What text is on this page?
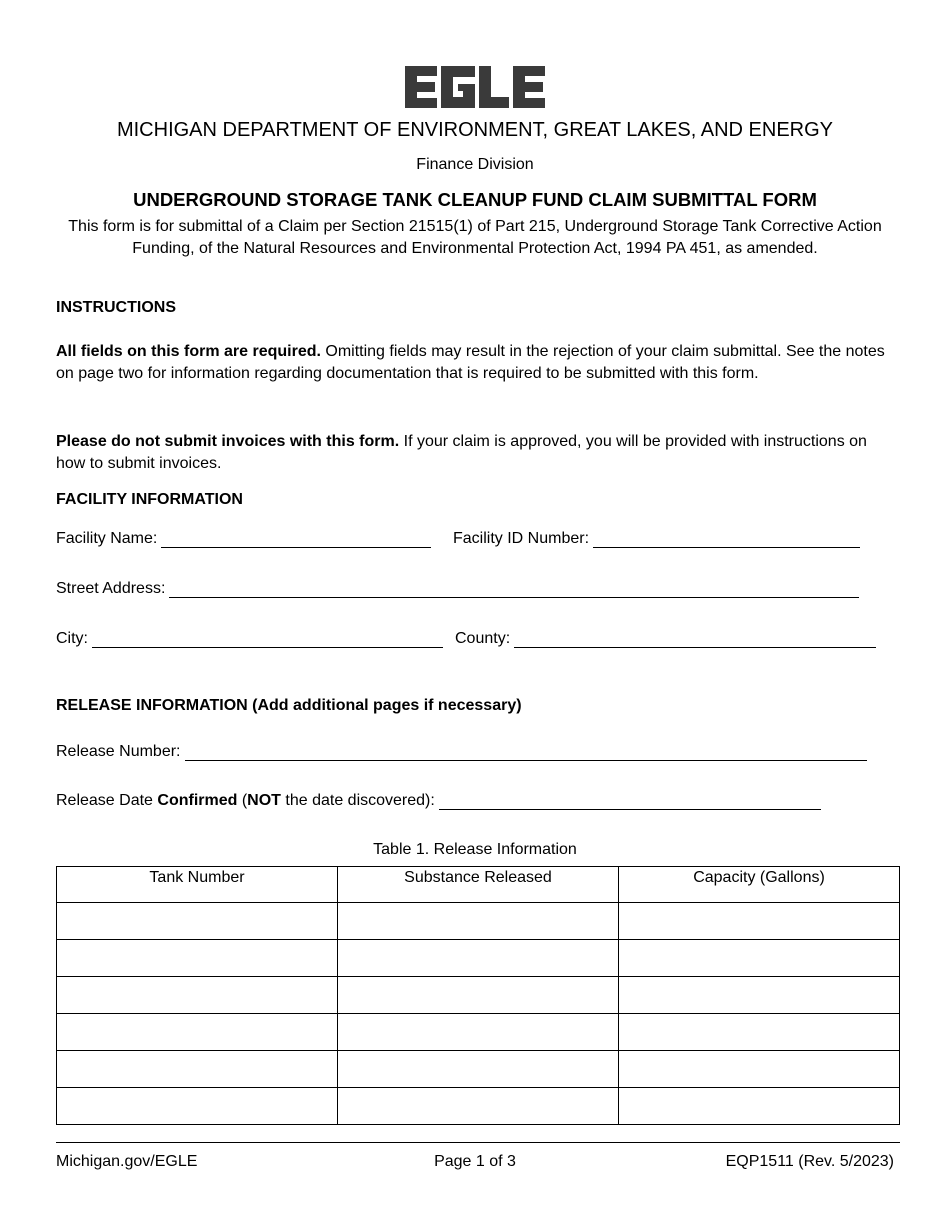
MICHIGAN DEPARTMENT OF ENVIRONMENT, GREAT LAKES, AND ENERGY
Finance Division
UNDERGROUND STORAGE TANK CLEANUP FUND CLAIM SUBMITTAL FORM
This form is for submittal of a Claim per Section 21515(1) of Part 215, Underground Storage Tank Corrective Action Funding, of the Natural Resources and Environmental Protection Act, 1994 PA 451, as amended.
INSTRUCTIONS
All fields on this form are required. Omitting fields may result in the rejection of your claim submittal. See the notes on page two for information regarding documentation that is required to be submitted with this form.
Please do not submit invoices with this form. If your claim is approved, you will be provided with instructions on how to submit invoices.
FACILITY INFORMATION
Facility Name:	Facility ID Number:
Street Address:
City:	County:
RELEASE INFORMATION (Add additional pages if necessary)
Release Number:
Release Date Confirmed (NOT the date discovered):
Table 1. Release Information
Tank Number	Substance Released	Capacity (Gallons)

Michigan.gov/EGLE	Page 1 of 3	EQP1511 (Rev. 5/2023)
